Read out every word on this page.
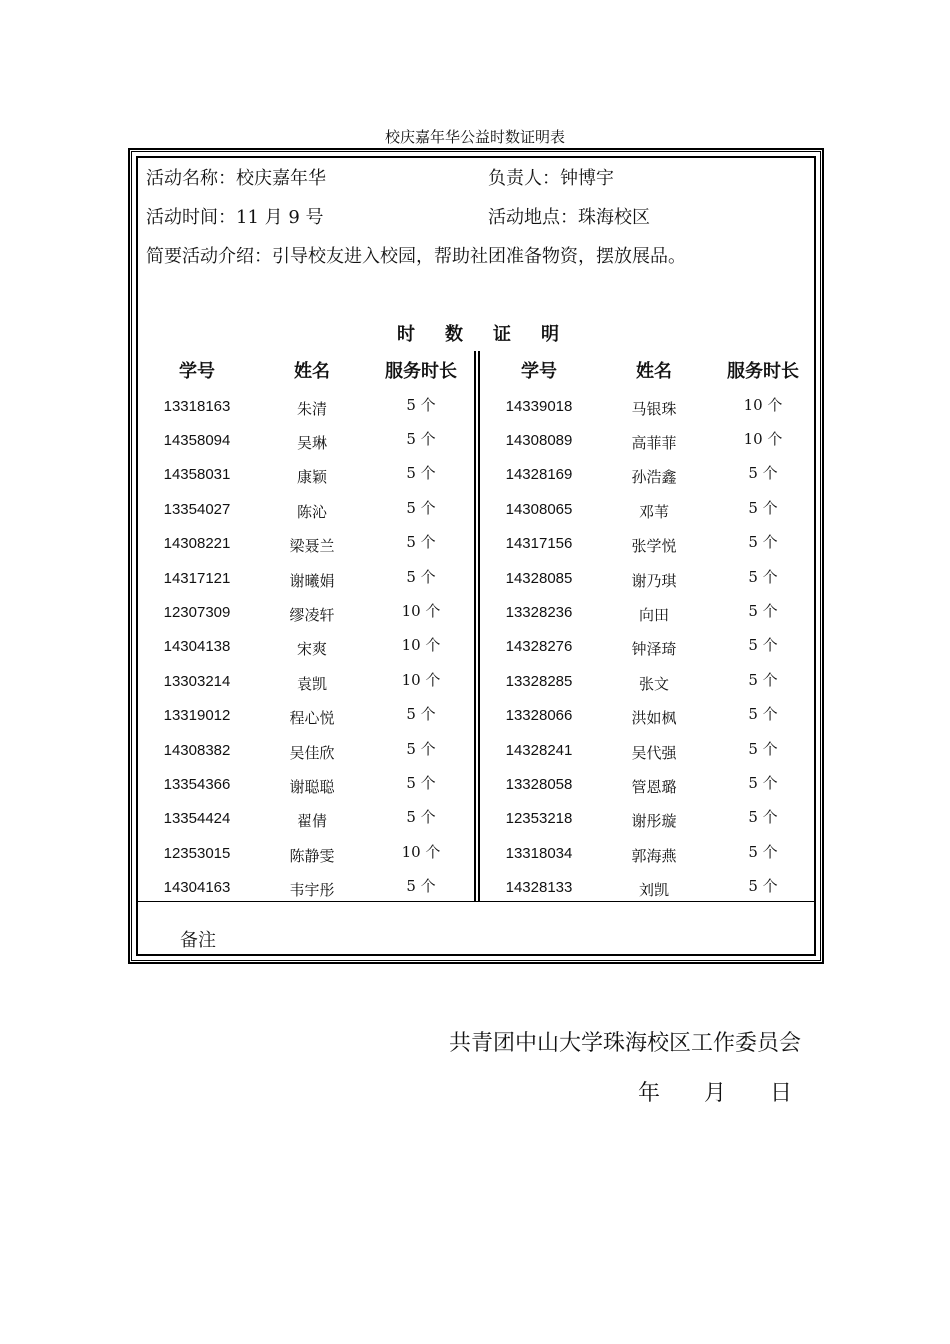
校庆嘉年华公益时数证明表
活动名称：校庆嘉年华	负责人：钟博宇
活动时间：11 月 9 号	活动地点：珠海校区
简要活动介绍：引导校友进入校园，帮助社团准备物资，摆放展品。
时数证明
学号	姓名	服务时长
13318163	朱清	5 个
14358094	吴琳	5 个
14358031	康颖	5 个
13354027	陈沁	5 个
14308221	梁聂兰	5 个
14317121	谢曦娟	5 个
12307309	缪凌轩	10 个
14304138	宋爽	10 个
13303214	袁凯	10 个
13319012	程心悦	5 个
14308382	吴佳欣	5 个
13354366	谢聪聪	5 个
13354424	翟倩	5 个
12353015	陈静雯	10 个
14304163	韦宇彤	5 个
学号	姓名	服务时长
14339018	马银珠	10 个
14308089	高菲菲	10 个
14328169	孙浩鑫	5 个
14308065	邓苇	5 个
14317156	张学悦	5 个
14328085	谢乃琪	5 个
13328236	向田	5 个
14328276	钟泽琦	5 个
13328285	张文	5 个
13328066	洪如枫	5 个
14328241	吴代强	5 个
13328058	管恩璐	5 个
12353218	谢彤璇	5 个
13318034	郭海燕	5 个
14328133	刘凯	5 个
备注
共青团中山大学珠海校区工作委员会
年 月 日
